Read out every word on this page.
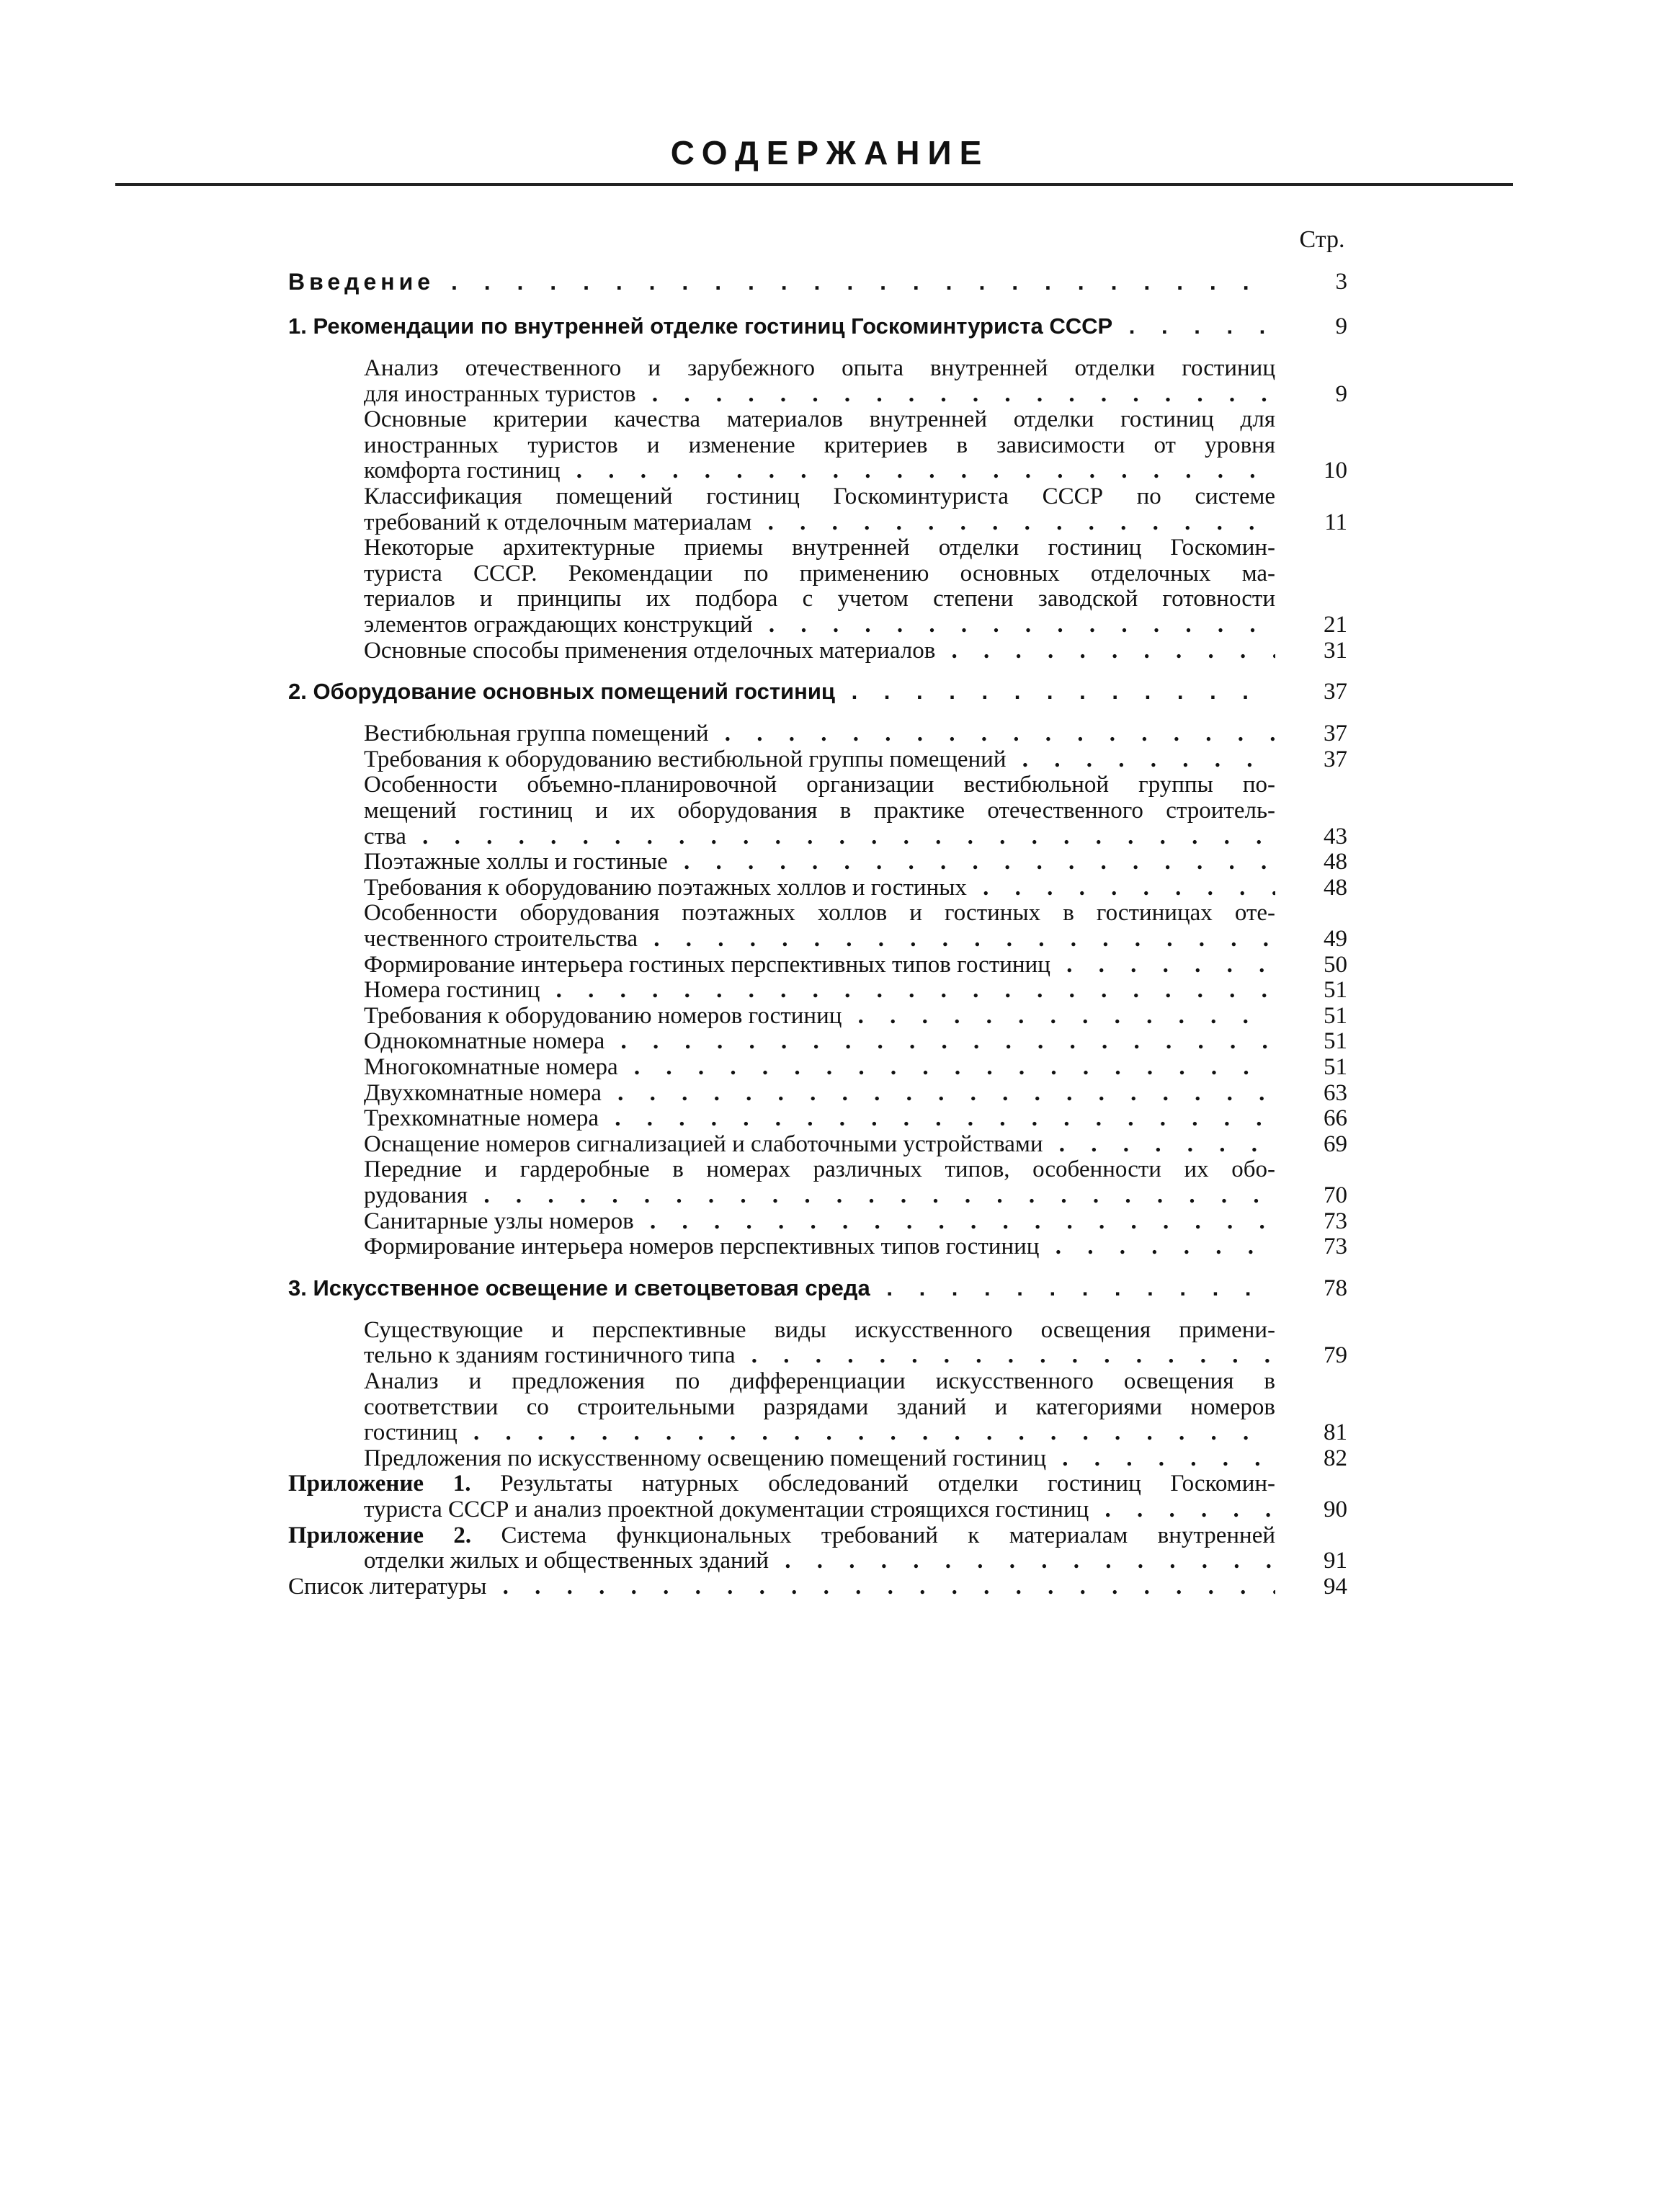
СОДЕРЖАНИЕ
Стр.
Введение . . .	3
1. Рекомендации по внутренней отделке гостиниц Госкоминтуриста СССР . . .	9
Анализ отечественного и зарубежного опыта внутренней отделки гостиниц
для иностранных туристов . . .	9
Основные критерии качества материалов внутренней отделки гостиниц для
иностранных туристов и изменение критериев в зависимости от уровня
комфорта гостиниц . . .	10
Классификация помещений гостиниц Госкоминтуриста СССР по системе
требований к отделочным материалам . . .	11
Некоторые архитектурные приемы внутренней отделки гостиниц Госкомин-
туриста СССР. Рекомендации по применению основных отделочных ма-
териалов и принципы их подбора с учетом степени заводской готовности
элементов ограждающих конструкций . . .	21
Основные способы применения отделочных материалов . . .	31
2. Оборудование основных помещений гостиниц . . .	37
Вестибюльная группа помещений . . .	37
Требования к оборудованию вестибюльной группы помещений . . .	37
Особенности объемно-планировочной организации вестибюльной группы по-
мещений гостиниц и их оборудования в практике отечественного строитель-
ства . . .	43
Поэтажные холлы и гостиные . . .	48
Требования к оборудованию поэтажных холлов и гостиных . . .	48
Особенности оборудования поэтажных холлов и гостиных в гостиницах оте-
чественного строительства . . .	49
Формирование интерьера гостиных перспективных типов гостиниц . . .	50
Номера гостиниц . . .	51
Требования к оборудованию номеров гостиниц . . .	51
Однокомнатные номера . . .	51
Многокомнатные номера . . .	51
Двухкомнатные номера . . .	63
Трехкомнатные номера . . .	66
Оснащение номеров сигнализацией и слаботочными устройствами . . .	69
Передние и гардеробные в номерах различных типов, особенности их обо-
рудования . . .	70
Санитарные узлы номеров . . .	73
Формирование интерьера номеров перспективных типов гостиниц . . .	73
3. Искусственное освещение и светоцветовая среда . . .	78
Существующие и перспективные виды искусственного освещения примени-
тельно к зданиям гостиничного типа . . .	79
Анализ и предложения по дифференциации искусственного освещения в
соответствии со строительными разрядами зданий и категориями номеров
гостиниц . . .	81
Предложения по искусственному освещению помещений гостиниц . . .	82
Приложение 1. Результаты натурных обследований отделки гостиниц Госкомин-
туриста СССР и анализ проектной документации строящихся гостиниц . . .	90
Приложение 2. Система функциональных требований к материалам внутренней
отделки жилых и общественных зданий . . .	91
Список литературы . . .	94
